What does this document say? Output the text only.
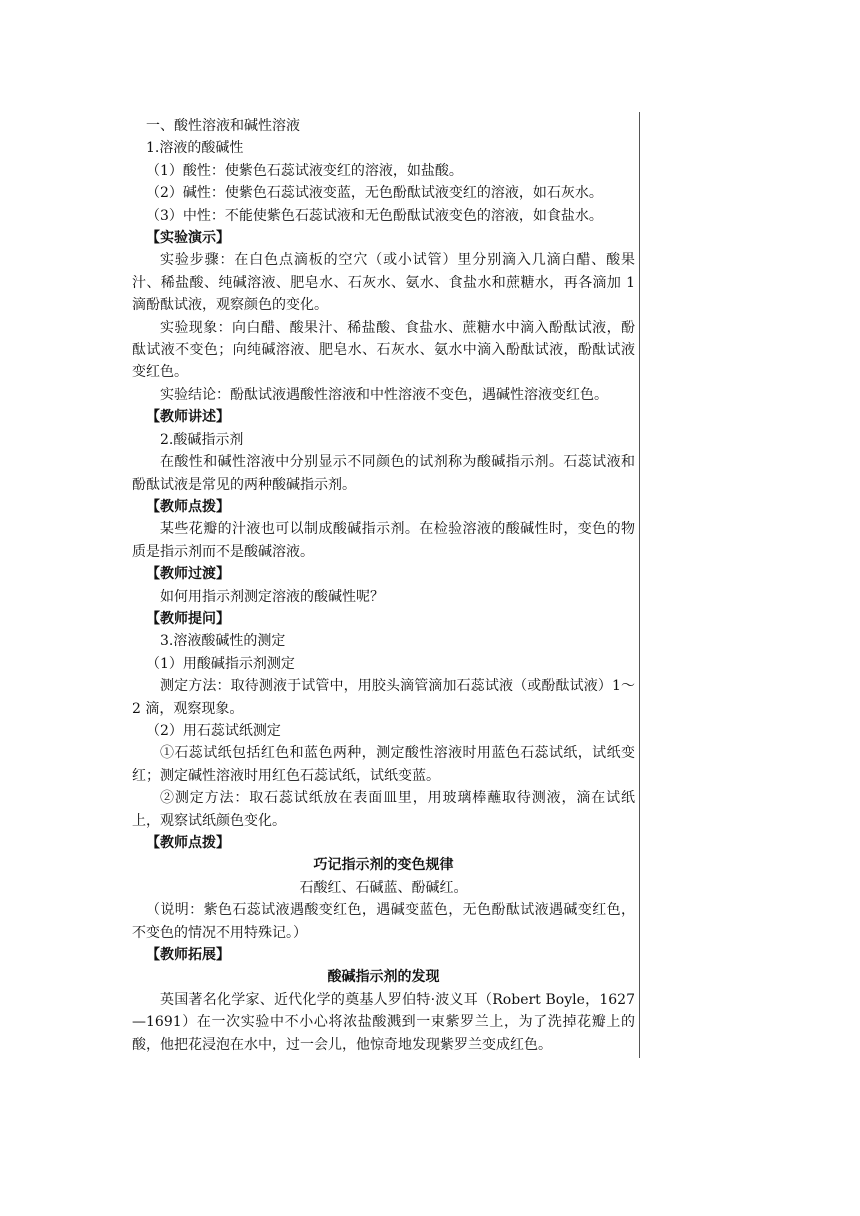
一、酸性溶液和碱性溶液

1.溶液的酸碱性

（1）酸性：使紫色石蕊试液变红的溶液，如盐酸。

（2）碱性：使紫色石蕊试液变蓝，无色酚酞试液变红的溶液，如石灰水。

（3）中性：不能使紫色石蕊试液和无色酚酞试液变色的溶液，如食盐水。

【实验演示】

实验步骤：在白色点滴板的空穴（或小试管）里分别滴入几滴白醋、酸果汁、稀盐酸、纯碱溶液、肥皂水、石灰水、氨水、食盐水和蔗糖水，再各滴加 1 滴酚酞试液，观察颜色的变化。

实验现象：向白醋、酸果汁、稀盐酸、食盐水、蔗糖水中滴入酚酞试液，酚酞试液不变色；向纯碱溶液、肥皂水、石灰水、氨水中滴入酚酞试液，酚酞试液变红色。

实验结论：酚酞试液遇酸性溶液和中性溶液不变色，遇碱性溶液变红色。

【教师讲述】

2.酸碱指示剂

在酸性和碱性溶液中分别显示不同颜色的试剂称为酸碱指示剂。石蕊试液和酚酞试液是常见的两种酸碱指示剂。

【教师点拨】

某些花瓣的汁液也可以制成酸碱指示剂。在检验溶液的酸碱性时，变色的物质是指示剂而不是酸碱溶液。

【教师过渡】

如何用指示剂测定溶液的酸碱性呢？

【教师提问】

3.溶液酸碱性的测定

（1）用酸碱指示剂测定

测定方法：取待测液于试管中，用胶头滴管滴加石蕊试液（或酚酞试液）1～2 滴，观察现象。

（2）用石蕊试纸测定

①石蕊试纸包括红色和蓝色两种，测定酸性溶液时用蓝色石蕊试纸，试纸变红；测定碱性溶液时用红色石蕊试纸，试纸变蓝。

②测定方法：取石蕊试纸放在表面皿里，用玻璃棒蘸取待测液，滴在试纸上，观察试纸颜色变化。

【教师点拨】

巧记指示剂的变色规律

石酸红、石碱蓝、酚碱红。

（说明：紫色石蕊试液遇酸变红色，遇碱变蓝色，无色酚酞试液遇碱变红色，不变色的情况不用特殊记。）

【教师拓展】

酸碱指示剂的发现

英国著名化学家、近代化学的奠基人罗伯特·波义耳（Robert Boyle，1627—1691）在一次实验中不小心将浓盐酸溅到一束紫罗兰上，为了洗掉花瓣上的酸，他把花浸泡在水中，过一会儿，他惊奇地发现紫罗兰变成红色。
